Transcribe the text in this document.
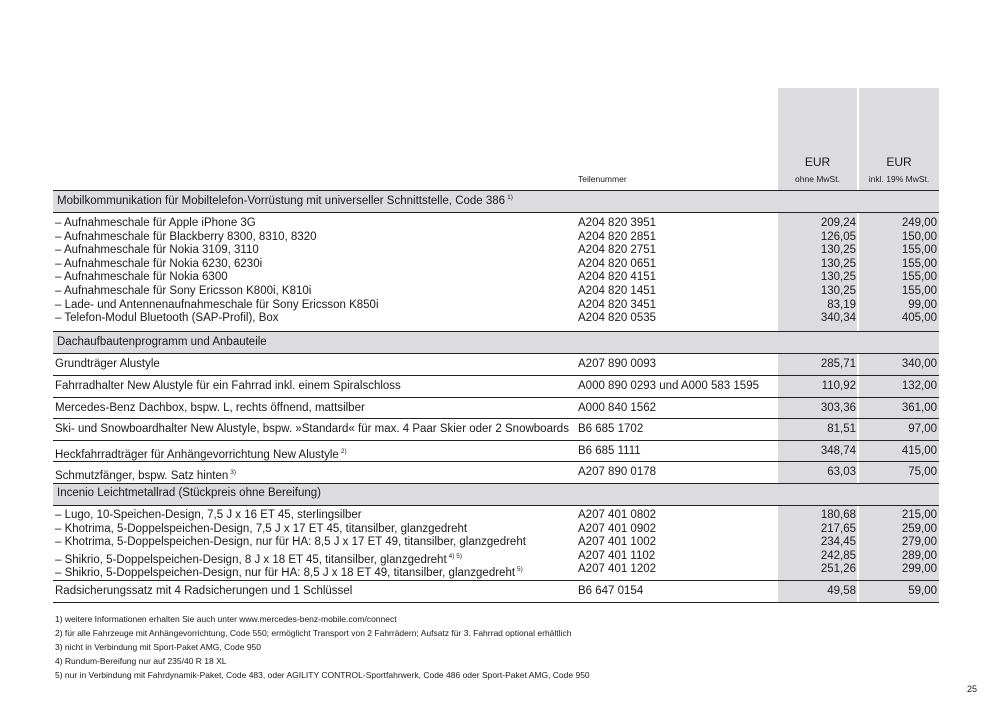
Teilenummer
EUR
ohne MwSt.
EUR
inkl. 19% MwSt.
Mobilkommunikation für Mobiltelefon-Vorrüstung mit universeller Schnittstelle, Code 386 $^{1)}$
– Aufnahmeschale für Apple iPhone 3G	A204 820 3951	209,24	249,00
– Aufnahmeschale für Blackberry 8300, 8310, 8320	A204 820 2851	126,05	150,00
– Aufnahmeschale für Nokia 3109, 3110	A204 820 2751	130,25	155,00
– Aufnahmeschale für Nokia 6230, 6230i	A204 820 0651	130,25	155,00
– Aufnahmeschale für Nokia 6300	A204 820 4151	130,25	155,00
– Aufnahmeschale für Sony Ericsson K800i, K810i	A204 820 1451	130,25	155,00
– Lade- und Antennenaufnahmeschale für Sony Ericsson K850i	A204 820 3451	83,19	99,00
– Telefon-Modul Bluetooth (SAP-Profil), Box	A204 820 0535	340,34	405,00
Dachaufbautenprogramm und Anbauteile
Grundträger Alustyle	A207 890 0093	285,71	340,00
Fahrradhalter New Alustyle für ein Fahrrad inkl. einem Spiralschloss	A000 890 0293 und A000 583 1595	110,92	132,00
Mercedes-Benz Dachbox, bspw. L, rechts öffnend, mattsilber	A000 840 1562	303,36	361,00
Ski- und Snowboardhalter New Alustyle, bspw. »Standard« für max. 4 Paar Skier oder 2 Snowboards B6 685 1702	81,51	97,00
Heckfahrradträger für Anhängevorrichtung New Alustyle $^{2)}$	B6 685 1111	348,74	415,00
Schmutzfänger, bspw. Satz hinten $^{3)}$	A207 890 0178	63,03	75,00
Incenio Leichtmetallrad (Stückpreis ohne Bereifung)
– Lugo, 10-Speichen-Design, 7,5 J x 16 ET 45, sterlingsilber	A207 401 0802	180,68	215,00
– Khotrima, 5-Doppelspeichen-Design, 7,5 J x 17 ET 45, titansilber, glanzgedreht	A207 401 0902	217,65	259,00
– Khotrima, 5-Doppelspeichen-Design, nur für HA: 8,5 J x 17 ET 49, titansilber, glanzgedreht	A207 401 1002	234,45	279,00
– Shikrio, 5-Doppelspeichen-Design, 8 J x 18 ET 45, titansilber, glanzgedreht $^{4) 5)}$	A207 401 1102	242,85	289,00
– Shikrio, 5-Doppelspeichen-Design, nur für HA: 8,5 J x 18 ET 49, titansilber, glanzgedreht $^{5)}$	A207 401 1202	251,26	299,00
Radsicherungssatz mit 4 Radsicherungen und 1 Schlüssel	B6 647 0154	49,58	59,00
1) weitere Informationen erhalten Sie auch unter www.mercedes-benz-mobile.com/connect
2) für alle Fahrzeuge mit Anhängevorrichtung, Code 550; ermöglicht Transport von 2 Fahrrädern; Aufsatz für 3. Fahrrad optional erhältlich
3) nicht in Verbindung mit Sport-Paket AMG, Code 950
4) Rundum-Bereifung nur auf 235/40 R 18 XL
5) nur in Verbindung mit Fahrdynamik-Paket, Code 483, oder AGILITY CONTROL-Sportfahrwerk, Code 486 oder Sport-Paket AMG, Code 950
25
